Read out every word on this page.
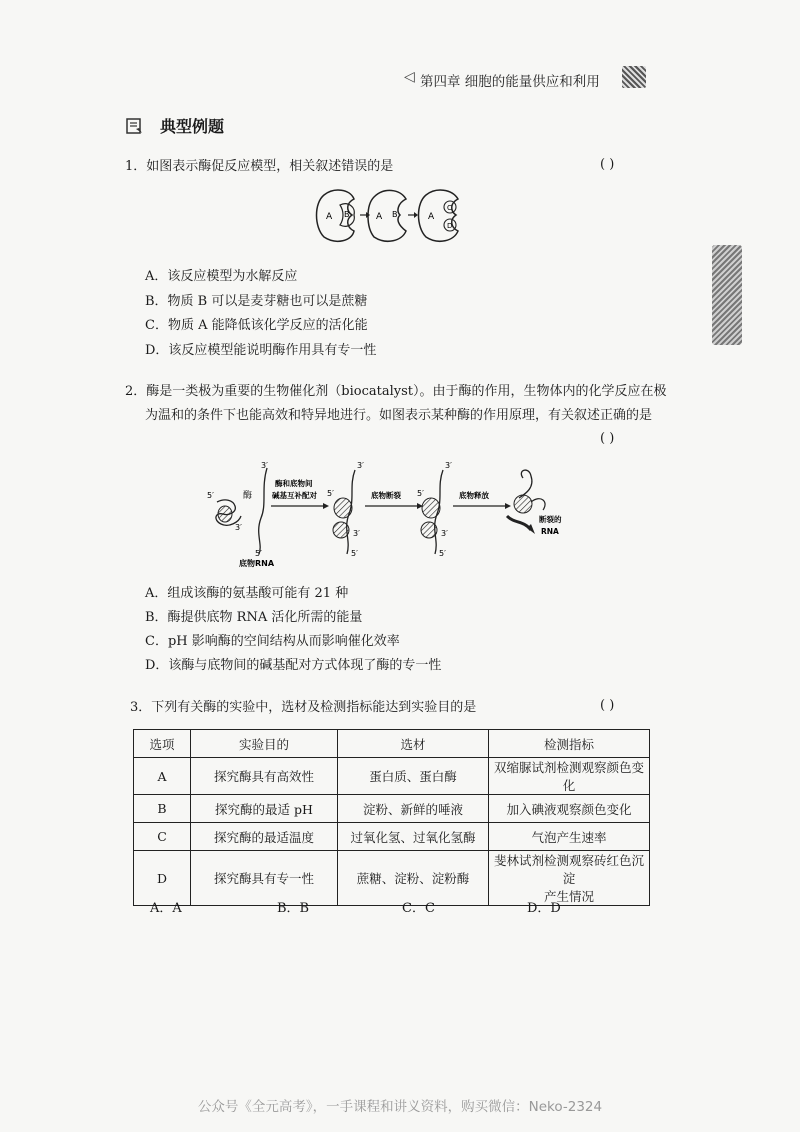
◁ 第四章 细胞的能量供应和利用
典型例题
1．如图表示酶促反应模型，相关叙述错误的是	( )
A B	A B	A
C
D
A．该反应模型为水解反应
B．物质 B 可以是麦芽糖也可以是蔗糖
C．物质 A 能降低该化学反应的活化能
D．该反应模型能说明酶作用具有专一性
2．酶是一类极为重要的生物催化剂（biocatalyst）。由于酶的作用，生物体内的化学反应在极
为温和的条件下也能高效和特异地进行。如图表示某种酶的作用原理，有关叙述正确的是
( )
5′	酶
3′
3′
5′
底物RNA
酶和底物间
碱基互补配对
3′
5′
3′
5′
底物断裂
3′
5′
3′
5′
底物释放
断裂的
RNA
A．组成该酶的氨基酸可能有 21 种
B．酶提供底物 RNA 活化所需的能量
C．pH 影响酶的空间结构从而影响催化效率
D．该酶与底物间的碱基配对方式体现了酶的专一性
3．下列有关酶的实验中，选材及检测指标能达到实验目的是	( )
选项	实验目的	选材	检测指标
A	探究酶具有高效性	蛋白质、蛋白酶	双缩脲试剂检测观察颜色变化
B	探究酶的最适 pH	淀粉、新鲜的唾液	加入碘液观察颜色变化
C	探究酶的最适温度	过氧化氢、过氧化氢酶	气泡产生速率
D	探究酶具有专一性	蔗糖、淀粉、淀粉酶	斐林试剂检测观察砖红色沉淀
产生情况
A．A	B．B	C．C	D．D
公众号《全元高考》，一手课程和讲义资料，购买微信：Neko-2324
